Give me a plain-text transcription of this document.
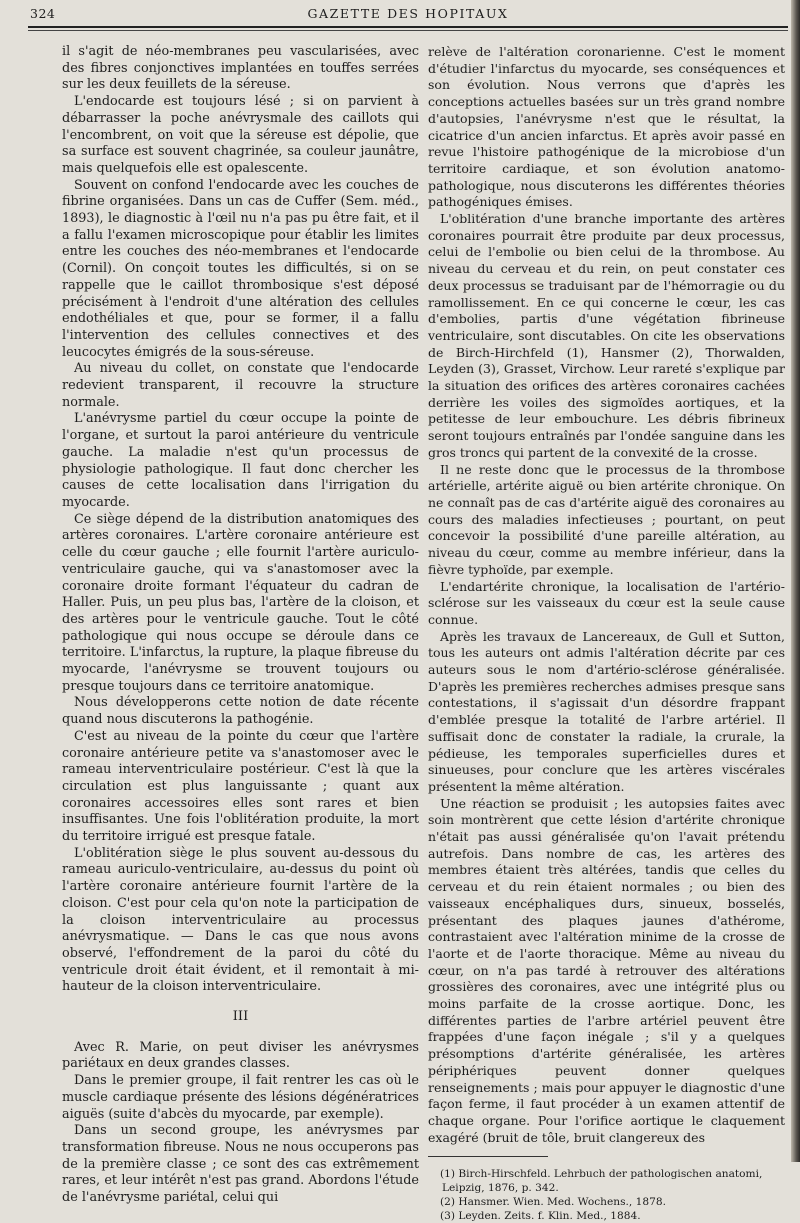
324	GAZETTE DES HOPITAUX

il s'agit de néo-membranes peu vascularisées, avec des fibres conjonctives implantées en touffes serrées sur les deux feuillets de la séreuse.

L'endocarde est toujours lésé ; si on parvient à débarrasser la poche anévrysmale des caillots qui l'encombrent, on voit que la séreuse est dépolie, que sa surface est souvent chagrinée, sa couleur jaunâtre, mais quelquefois elle est opalescente.

Souvent on confond l'endocarde avec les couches de fibrine organisées. Dans un cas de Cuffer (Sem. méd., 1893), le diagnostic à l'œil nu n'a pas pu être fait, et il a fallu l'examen microscopique pour établir les limites entre les couches des néo-membranes et l'endocarde (Cornil). On conçoit toutes les difficultés, si on se rappelle que le caillot thrombosique s'est déposé précisément à l'endroit d'une altération des cellules endothéliales et que, pour se former, il a fallu l'intervention des cellules connectives et des leucocytes émigrés de la sous-séreuse.

Au niveau du collet, on constate que l'endocarde redevient transparent, il recouvre la structure normale.

L'anévrysme partiel du cœur occupe la pointe de l'organe, et surtout la paroi antérieure du ventricule gauche. La maladie n'est qu'un processus de physiologie pathologique. Il faut donc chercher les causes de cette localisation dans l'irrigation du myocarde.

Ce siège dépend de la distribution anatomiques des artères coronaires. L'artère coronaire antérieure est celle du cœur gauche ; elle fournit l'artère auriculo-ventriculaire gauche, qui va s'anastomoser avec la coronaire droite formant l'équateur du cadran de Haller. Puis, un peu plus bas, l'artère de la cloison, et des artères pour le ventricule gauche. Tout le côté pathologique qui nous occupe se déroule dans ce territoire. L'infarctus, la rupture, la plaque fibreuse du myocarde, l'anévrysme se trouvent toujours ou presque toujours dans ce territoire anatomique.

Nous développerons cette notion de date récente quand nous discuterons la pathogénie.

C'est au niveau de la pointe du cœur que l'artère coronaire antérieure petite va s'anastomoser avec le rameau interventriculaire postérieur. C'est là que la circulation est plus languissante ; quant aux coronaires accessoires elles sont rares et bien insuffisantes. Une fois l'oblitération produite, la mort du territoire irrigué est presque fatale.

L'oblitération siège le plus souvent au-dessous du rameau auriculo-ventriculaire, au-dessus du point où l'artère coronaire antérieure fournit l'artère de la cloison. C'est pour cela qu'on note la participation de la cloison interventriculaire au processus anévrysmatique. — Dans le cas que nous avons observé, l'effondrement de la paroi du côté du ventricule droit était évident, et il remontait à mi-hauteur de la cloison interventriculaire.

III

Avec R. Marie, on peut diviser les anévrysmes pariétaux en deux grandes classes.

Dans le premier groupe, il fait rentrer les cas où le muscle cardiaque présente des lésions dégénératrices aiguës (suite d'abcès du myocarde, par exemple).

Dans un second groupe, les anévrysmes par transformation fibreuse. Nous ne nous occuperons pas de la première classe ; ce sont des cas extrêmement rares, et leur intérêt n'est pas grand. Abordons l'étude de l'anévrysme pariétal, celui qui

relève de l'altération coronarienne. C'est le moment d'étudier l'infarctus du myocarde, ses conséquences et son évolution. Nous verrons que d'après les conceptions actuelles basées sur un très grand nombre d'autopsies, l'anévrysme n'est que le résultat, la cicatrice d'un ancien infarctus. Et après avoir passé en revue l'histoire pathogénique de la microbiose d'un territoire cardiaque, et son évolution anatomo-pathologique, nous discuterons les différentes théories pathogéniques émises.

L'oblitération d'une branche importante des artères coronaires pourrait être produite par deux processus, celui de l'embolie ou bien celui de la thrombose. Au niveau du cerveau et du rein, on peut constater ces deux processus se traduisant par de l'hémorragie ou du ramollissement. En ce qui concerne le cœur, les cas d'embolies, partis d'une végétation fibrineuse ventriculaire, sont discutables. On cite les observations de Birch-Hirchfeld (1), Hansmer (2), Thorwalden, Leyden (3), Grasset, Virchow. Leur rareté s'explique par la situation des orifices des artères coronaires cachées derrière les voiles des sigmoïdes aortiques, et la petitesse de leur embouchure. Les débris fibrineux seront toujours entraînés par l'ondée sanguine dans les gros troncs qui partent de la convexité de la crosse.

Il ne reste donc que le processus de la thrombose artérielle, artérite aiguë ou bien artérite chronique. On ne connaît pas de cas d'artérite aiguë des coronaires au cours des maladies infectieuses ; pourtant, on peut concevoir la possibilité d'une pareille altération, au niveau du cœur, comme au membre inférieur, dans la fièvre typhoïde, par exemple.

L'endartérite chronique, la localisation de l'artério-sclérose sur les vaisseaux du cœur est la seule cause connue.

Après les travaux de Lancereaux, de Gull et Sutton, tous les auteurs ont admis l'altération décrite par ces auteurs sous le nom d'artério-sclérose généralisée. D'après les premières recherches admises presque sans contestations, il s'agissait d'un désordre frappant d'emblée presque la totalité de l'arbre artériel. Il suffisait donc de constater la radiale, la crurale, la pédieuse, les temporales superficielles dures et sinueuses, pour conclure que les artères viscérales présentent la même altération.

Une réaction se produisit ; les autopsies faites avec soin montrèrent que cette lésion d'artérite chronique n'était pas aussi généralisée qu'on l'avait prétendu autrefois. Dans nombre de cas, les artères des membres étaient très altérées, tandis que celles du cerveau et du rein étaient normales ; ou bien des vaisseaux encéphaliques durs, sinueux, bosselés, présentant des plaques jaunes d'athérome, contrastaient avec l'altération minime de la crosse de l'aorte et de l'aorte thoracique. Même au niveau du cœur, on n'a pas tardé à retrouver des altérations grossières des coronaires, avec une intégrité plus ou moins parfaite de la crosse aortique. Donc, les différentes parties de l'arbre artériel peuvent être frappées d'une façon inégale ; s'il y a quelques présomptions d'artérite généralisée, les artères périphériques peuvent donner quelques renseignements ; mais pour appuyer le diagnostic d'une façon ferme, il faut procéder à un examen attentif de chaque organe. Pour l'orifice aortique le claquement exagéré (bruit de tôle, bruit clangereux des

(1) Birch-Hirschfeld. Lehrbuch der pathologischen anatomi, Leipzig, 1876, p. 342.

(2) Hansmer. Wien. Med. Wochens., 1878.

(3) Leyden. Zeits. f. Klin. Med., 1884.
